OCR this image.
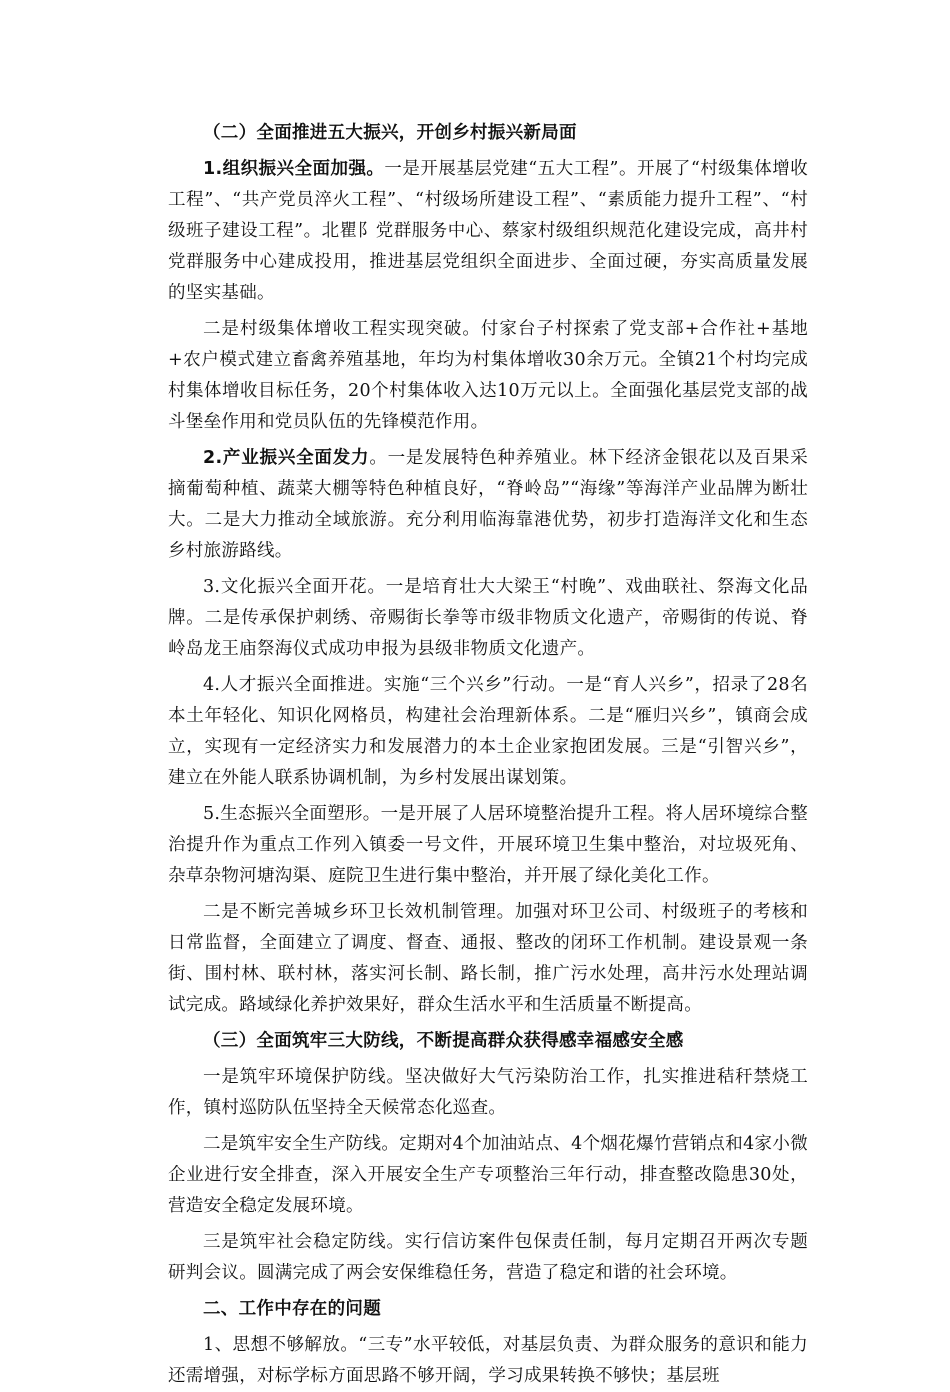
（二）全面推进五大振兴，开创乡村振兴新局面

1.组织振兴全面加强。一是开展基层党建“五大工程”。开展了“村级集体增收工程”、“共产党员淬火工程”、“村级场所建设工程”、“素质能力提升工程”、“村级班子建设工程”。北瞿阝党群服务中心、蔡家村级组织规范化建设完成，高井村党群服务中心建成投用，推进基层党组织全面进步、全面过硬，夯实高质量发展的坚实基础。

二是村级集体增收工程实现突破。付家台子村探索了党支部+合作社+基地+农户模式建立畜禽养殖基地，年均为村集体增收30余万元。全镇21个村均完成村集体增收目标任务，20个村集体收入达10万元以上。全面强化基层党支部的战斗堡垒作用和党员队伍的先锋模范作用。

2.产业振兴全面发力。一是发展特色种养殖业。林下经济金银花以及百果采摘葡萄种植、蔬菜大棚等特色种植良好，“脊岭岛”“海缘”等海洋产业品牌为断壮大。二是大力推动全域旅游。充分利用临海靠港优势，初步打造海洋文化和生态乡村旅游路线。

3.文化振兴全面开花。一是培育壮大大梁王“村晚”、戏曲联社、祭海文化品牌。二是传承保护刺绣、帝赐街长拳等市级非物质文化遗产，帝赐街的传说、脊岭岛龙王庙祭海仪式成功申报为县级非物质文化遗产。

4.人才振兴全面推进。实施“三个兴乡”行动。一是“育人兴乡”，招录了28名本土年轻化、知识化网格员，构建社会治理新体系。二是“雁归兴乡”，镇商会成立，实现有一定经济实力和发展潜力的本土企业家抱团发展。三是“引智兴乡”，建立在外能人联系协调机制，为乡村发展出谋划策。

5.生态振兴全面塑形。一是开展了人居环境整治提升工程。将人居环境综合整治提升作为重点工作列入镇委一号文件，开展环境卫生集中整治，对垃圾死角、杂草杂物河塘沟渠、庭院卫生进行集中整治，并开展了绿化美化工作。

二是不断完善城乡环卫长效机制管理。加强对环卫公司、村级班子的考核和日常监督，全面建立了调度、督查、通报、整改的闭环工作机制。建设景观一条街、围村林、联村林，落实河长制、路长制，推广污水处理，高井污水处理站调试完成。路域绿化养护效果好，群众生活水平和生活质量不断提高。

（三）全面筑牢三大防线，不断提高群众获得感幸福感安全感

一是筑牢环境保护防线。坚决做好大气污染防治工作，扎实推进秸秆禁烧工作，镇村巡防队伍坚持全天候常态化巡查。

二是筑牢安全生产防线。定期对4个加油站点、4个烟花爆竹营销点和4家小微企业进行安全排查，深入开展安全生产专项整治三年行动，排查整改隐患30处，营造安全稳定发展环境。

三是筑牢社会稳定防线。实行信访案件包保责任制，每月定期召开两次专题研判会议。圆满完成了两会安保维稳任务，营造了稳定和谐的社会环境。

二、工作中存在的问题

1、思想不够解放。“三专”水平较低，对基层负责、为群众服务的意识和能力还需增强，对标学标方面思路不够开阔，学习成果转换不够快；基层班
